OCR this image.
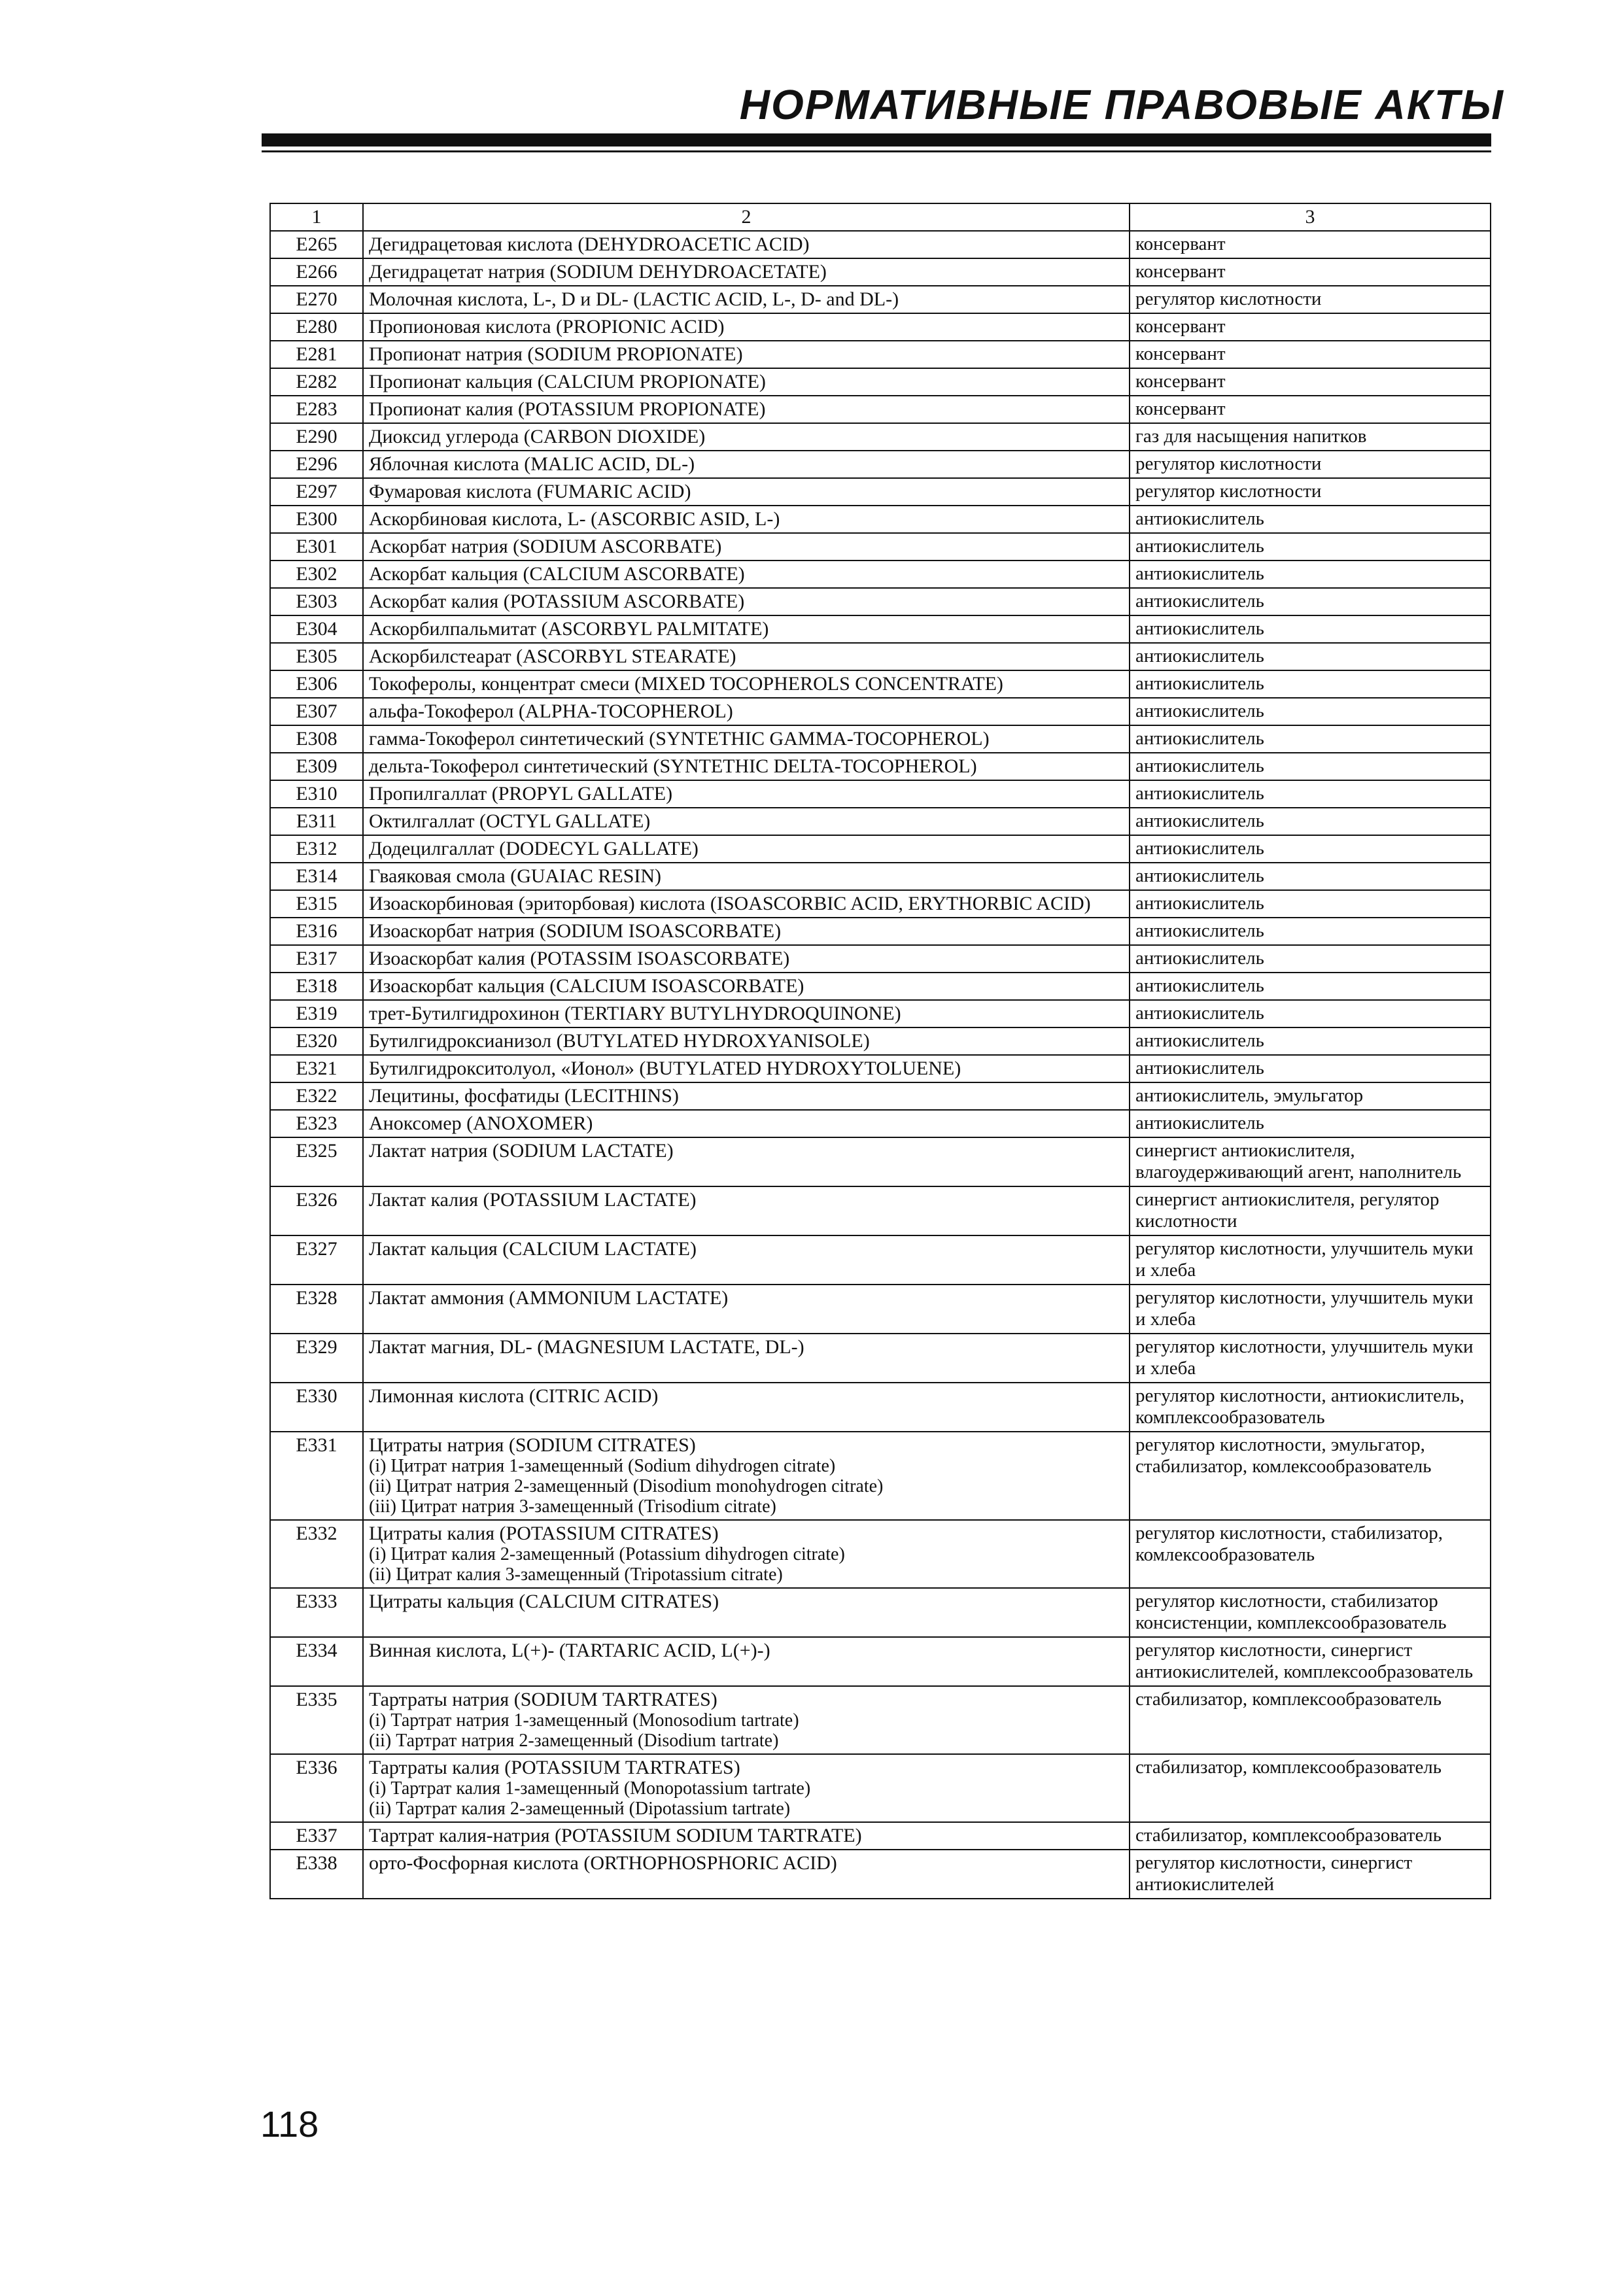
НОРМАТИВНЫЕ ПРАВОВЫЕ АКТЫ
1	2	3
E265	Дегидрацетовая кислота (DEHYDROACETIC ACID)	консервант
E266	Дегидрацетат натрия (SODIUM DEHYDROACETATE)	консервант
E270	Молочная кислота, L-, D и DL- (LACTIC ACID, L-, D- and DL-)	регулятор кислотности
E280	Пропионовая кислота (PROPIONIC ACID)	консервант
E281	Пропионат натрия (SODIUM PROPIONATE)	консервант
E282	Пропионат кальция (CALCIUM PROPIONATE)	консервант
E283	Пропионат калия (POTASSIUM PROPIONATE)	консервант
E290	Диоксид углерода (CARBON DIOXIDE)	газ для насыщения напитков
E296	Яблочная кислота (MALIC ACID, DL-)	регулятор кислотности
E297	Фумаровая кислота (FUMARIC ACID)	регулятор кислотности
E300	Аскорбиновая кислота, L- (ASCORBIC ASID, L-)	антиокислитель
E301	Аскорбат натрия (SODIUM ASCORBATE)	антиокислитель
E302	Аскорбат кальция (CALCIUM ASCORBATE)	антиокислитель
E303	Аскорбат калия (POTASSIUM ASCORBATE)	антиокислитель
E304	Аскорбилпальмитат (ASCORBYL PALMITATE)	антиокислитель
E305	Аскорбилстеарат (ASCORBYL STEARATE)	антиокислитель
E306	Токоферолы, концентрат смеси (MIXED TOCOPHEROLS CONCENTRATE)	антиокислитель
E307	альфа-Токоферол (ALPHA-TOCOPHEROL)	антиокислитель
E308	гамма-Токоферол синтетический (SYNTETHIC GAMMA-TOCOPHEROL)	антиокислитель
E309	дельта-Токоферол синтетический (SYNTETHIC DELTA-TOCOPHEROL)	антиокислитель
E310	Пропилгаллат (PROPYL GALLATE)	антиокислитель
E311	Октилгаллат (OCTYL GALLATE)	антиокислитель
E312	Додецилгаллат (DODECYL GALLATE)	антиокислитель
E314	Гваяковая смола (GUAIAC RESIN)	антиокислитель
E315	Изоаскорбиновая (эриторбовая) кислота (ISOASCORBIC ACID, ERYTHORBIC ACID)	антиокислитель
E316	Изоаскорбат натрия (SODIUM ISOASCORBATE)	антиокислитель
E317	Изоаскорбат калия (POTASSIM ISOASCORBATE)	антиокислитель
E318	Изоаскорбат кальция (CALCIUM ISOASCORBATE)	антиокислитель
E319	трет-Бутилгидрохинон (TERTIARY BUTYLHYDROQUINONE)	антиокислитель
E320	Бутилгидроксианизол (BUTYLATED HYDROXYANISOLE)	антиокислитель
E321	Бутилгидрокситолуол, «Ионол» (BUTYLATED HYDROXYTOLUENE)	антиокислитель
E322	Лецитины, фосфатиды (LECITHINS)	антиокислитель, эмульгатор
E323	Аноксомер (ANOXOMER)	антиокислитель
E325	Лактат натрия (SODIUM LACTATE)	синергист антиокислителя, влагоудерживающий агент, наполнитель
E326	Лактат калия (POTASSIUM LACTATE)	синергист антиокислителя, регулятор кислотности
E327	Лактат кальция (CALCIUM LACTATE)	регулятор кислотности, улучшитель муки и хлеба
E328	Лактат аммония (AMMONIUM LACTATE)	регулятор кислотности, улучшитель муки и хлеба
E329	Лактат магния, DL- (MAGNESIUM LACTATE, DL-)	регулятор кислотности, улучшитель муки и хлеба
E330	Лимонная кислота (CITRIC ACID)	регулятор кислотности, антиокислитель, комплексообразователь
E331	Цитраты натрия (SODIUM CITRATES)
(i) Цитрат натрия 1-замещенный (Sodium dihydrogen citrate)
(ii) Цитрат натрия 2-замещенный (Disodium monohydrogen citrate)
(iii) Цитрат натрия 3-замещенный (Trisodium citrate)	регулятор кислотности, эмульгатор, стабилизатор, комлексообразователь
E332	Цитраты калия (POTASSIUM CITRATES)
(i) Цитрат калия 2-замещенный (Potassium dihydrogen citrate)
(ii) Цитрат калия 3-замещенный (Tripotassium citrate)	регулятор кислотности, стабилизатор, комлексообразователь
E333	Цитраты кальция (CALCIUM CITRATES)	регулятор кислотности, стабилизатор консистенции, комплексообразователь
E334	Винная кислота, L(+)- (TARTARIC ACID, L(+)-)	регулятор кислотности, синергист антиокислителей, комплексообразователь
E335	Тартраты натрия (SODIUM TARTRATES)
(i) Тартрат натрия 1-замещенный (Monosodium tartrate)
(ii) Тартрат натрия 2-замещенный (Disodium tartrate)	стабилизатор, комплексообразователь
E336	Тартраты калия (POTASSIUM TARTRATES)
(i) Тартрат калия 1-замещенный (Monopotassium tartrate)
(ii) Тартрат калия 2-замещенный (Dipotassium tartrate)	стабилизатор, комплексообразователь
E337	Тартрат калия-натрия (POTASSIUM SODIUM TARTRATE)	стабилизатор, комплексообразователь
E338	орто-Фосфорная кислота (ORTHOPHOSPHORIC ACID)	регулятор кислотности, синергист антиокислителей
118
